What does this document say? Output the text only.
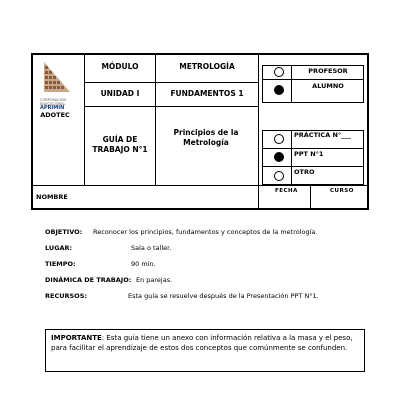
CORPORACIÓN
EDUCACIONAL
APRIMIN
ADOTEC
MÓDULO	METROLOGÍA
UNIDAD I	FUNDAMENTOS 1
GUÍA DE TRABAJO N°1
Principios de la Metrología
NOMBRE
FECHA	CURSO
PROFESOR
ALUMNO
PRÁCTICA N°___
PPT N°1
OTRO
OBJETIVO: Reconocer los principios, fundamentos y conceptos de la metrología.
LUGAR:	Sala o taller.
TIEMPO:	90 min.
DINÁMICA DE TRABAJO: En parejas.
RECURSOS:	Esta guía se resuelve después de la Presentación PPT N°1.
IMPORTANTE: Esta guía tiene un anexo con información relativa a la masa y el peso, para facilitar el aprendizaje de estos dos conceptos que comúnmente se confunden.
